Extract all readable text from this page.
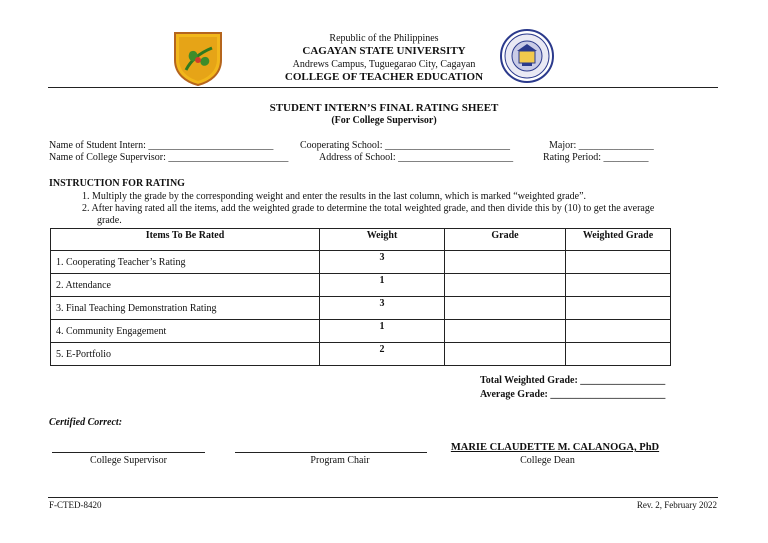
Republic of the Philippines
CAGAYAN STATE UNIVERSITY
Andrews Campus, Tuguegarao City, Cagayan
COLLEGE OF TEACHER EDUCATION
STUDENT INTERN’S FINAL RATING SHEET
(For College Supervisor)
Name of Student Intern: _________________________	Cooperating School: _________________________	Major: _______________
Name of College Supervisor: ________________________	Address of School: _______________________	Rating Period: _________
INSTRUCTION FOR RATING
1. Multiply the grade by the corresponding weight and enter the results in the last column, which is marked “weighted grade”.
2. After having rated all the items, add the weighted grade to determine the total weighted grade, and then divide this by (10) to get the average
grade.
Items To Be Rated	Weight	Grade	Weighted Grade
1. Cooperating Teacher’s Rating	3		
2. Attendance	1		
3. Final Teaching Demonstration Rating	3		
4. Community Engagement	1		
5. E-Portfolio	2		
Total Weighted Grade: _________________
Average Grade: _______________________
Certified Correct:
College Supervisor	Program Chair
MARIE CLAUDETTE M. CALANOGA, PhD
College Dean
F-CTED-8420	Rev. 2, February 2022
